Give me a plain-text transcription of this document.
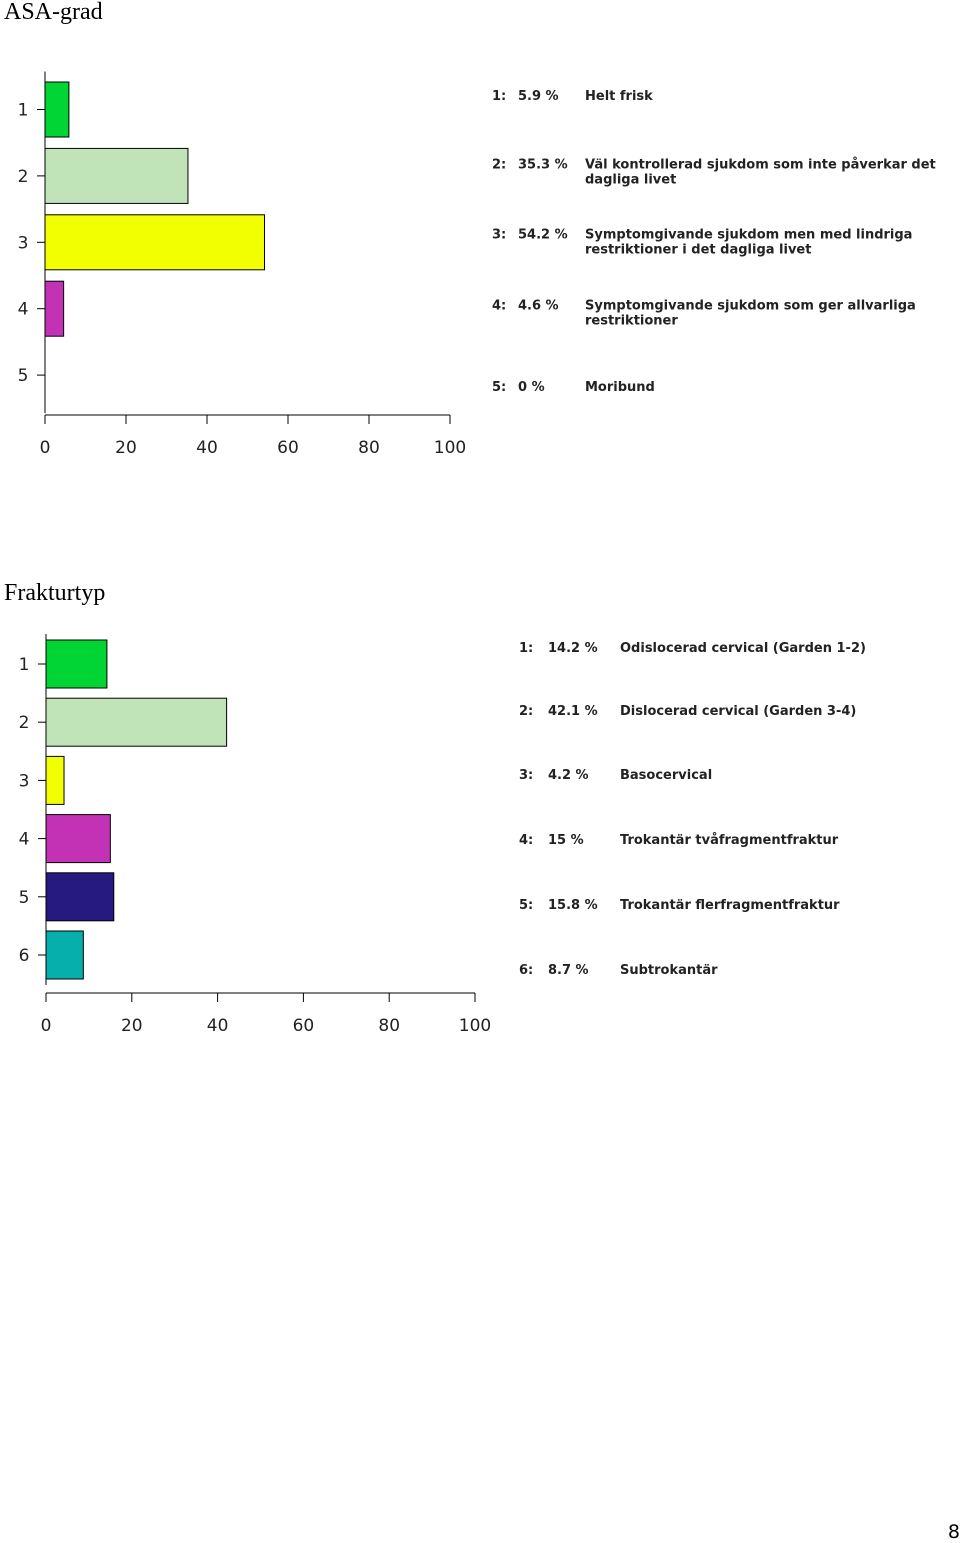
ASA-grad
1
2
3
4
5
0	20	40	60	80	100
1: 5.9 % Helt frisk
2: 35.3 % Väl kontrollerad sjukdom som inte påverkar det
dagliga livet
3: 54.2 % Symptomgivande sjukdom men med lindriga
restriktioner i det dagliga livet
4: 4.6 % Symptomgivande sjukdom som ger allvarliga
restriktioner
5: 0 %	Moribund
Frakturtyp
1
2
3
4
5
6
0	20	40	60	80	100
1: 14.2 % Odislocerad cervical (Garden 1-2)
2: 42.1 % Dislocerad cervical (Garden 3-4)
3: 4.2 % Basocervical
4: 15 %	Trokantär tvåfragmentfraktur
5: 15.8 % Trokantär flerfragmentfraktur
6: 8.7 % Subtrokantär
8
